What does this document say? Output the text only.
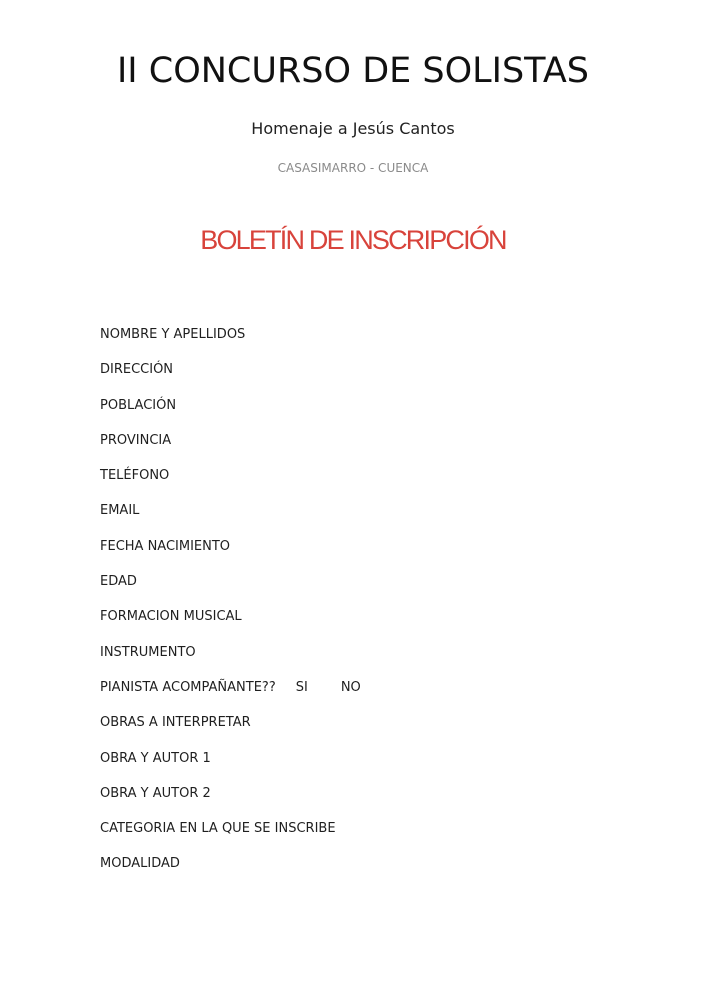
II CONCURSO DE SOLISTAS
Homenaje a Jesús Cantos
CASASIMARRO - CUENCA
BOLETÍN DE INSCRIPCIÓN
NOMBRE Y APELLIDOS
DIRECCIÓN
POBLACIÓN
PROVINCIA
TELÉFONO
EMAIL
FECHA NACIMIENTO
EDAD
FORMACION MUSICAL
INSTRUMENTO
PIANISTA ACOMPAÑANTE?? SI	NO
OBRAS A INTERPRETAR
OBRA Y AUTOR 1
OBRA Y AUTOR 2
CATEGORIA EN LA QUE SE INSCRIBE
MODALIDAD
